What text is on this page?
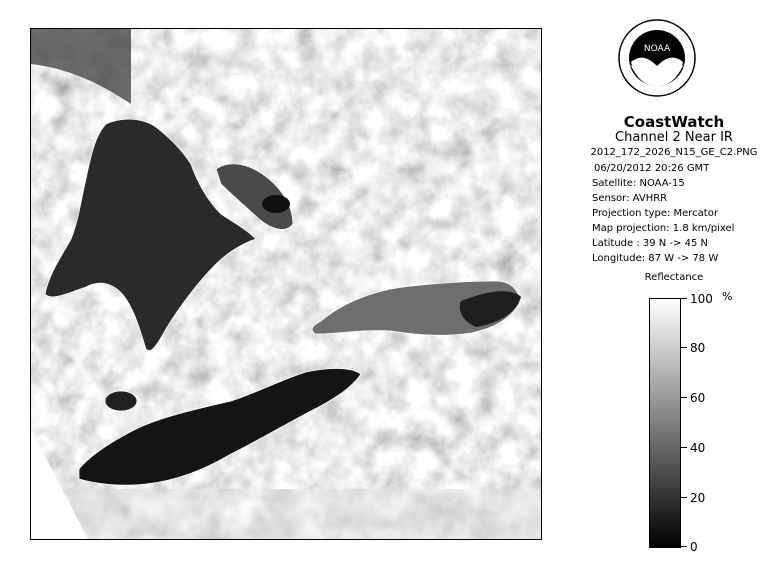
NOAA
CoastWatch
Channel 2 Near IR
2012_172_2026_N15_GE_C2.PNG
06/20/2012 20:26 GMT
Satellite: NOAA-15
Sensor: AVHRR
Projection type: Mercator
Map projection: 1.8 km/pixel
Latitude : 39 N -> 45 N
Longitude: 87 W -> 78 W
Reflectance
%
100
80
60
40
20
0
